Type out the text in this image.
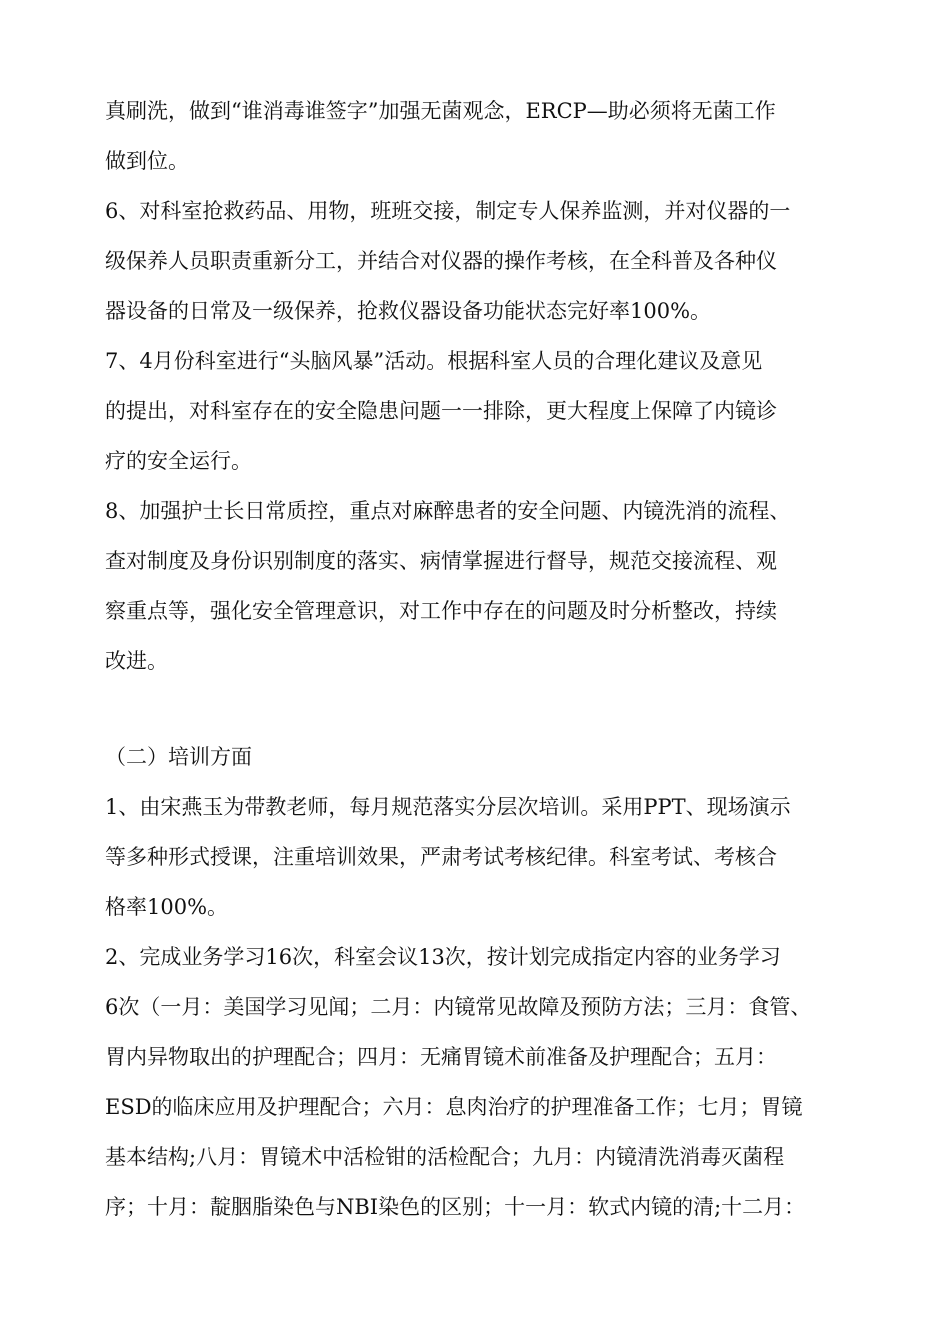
真刷洗，做到“谁消毒谁签字”加强无菌观念，ERCP—助必须将无菌工作
做到位。
6、对科室抢救药品、用物，班班交接，制定专人保养监测，并对仪器的一
级保养人员职责重新分工，并结合对仪器的操作考核，在全科普及各种仪
器设备的日常及一级保养，抢救仪器设备功能状态完好率100%。
7、4月份科室进行“头脑风暴”活动。根据科室人员的合理化建议及意见
的提出，对科室存在的安全隐患问题一一排除，更大程度上保障了内镜诊
疗的安全运行。
8、加强护士长日常质控，重点对麻醉患者的安全问题、内镜洗消的流程、
查对制度及身份识别制度的落实、病情掌握进行督导，规范交接流程、观
察重点等，强化安全管理意识，对工作中存在的问题及时分析整改，持续
改进。
（二）培训方面
1、由宋燕玉为带教老师，每月规范落实分层次培训。采用PPT、现场演示
等多种形式授课，注重培训效果，严肃考试考核纪律。科室考试、考核合
格率100%。
2、完成业务学习16次，科室会议13次，按计划完成指定内容的业务学习
6次（一月：美国学习见闻；二月：内镜常见故障及预防方法；三月：食管、
胃内异物取出的护理配合；四月：无痛胃镜术前准备及护理配合；五月：
ESD的临床应用及护理配合；六月：息肉治疗的护理准备工作；七月；胃镜
基本结构;八月：胃镜术中活检钳的活检配合；九月：内镜清洗消毒灭菌程
序；十月：靛胭脂染色与NBI染色的区别；十一月：软式内镜的清;十二月：
